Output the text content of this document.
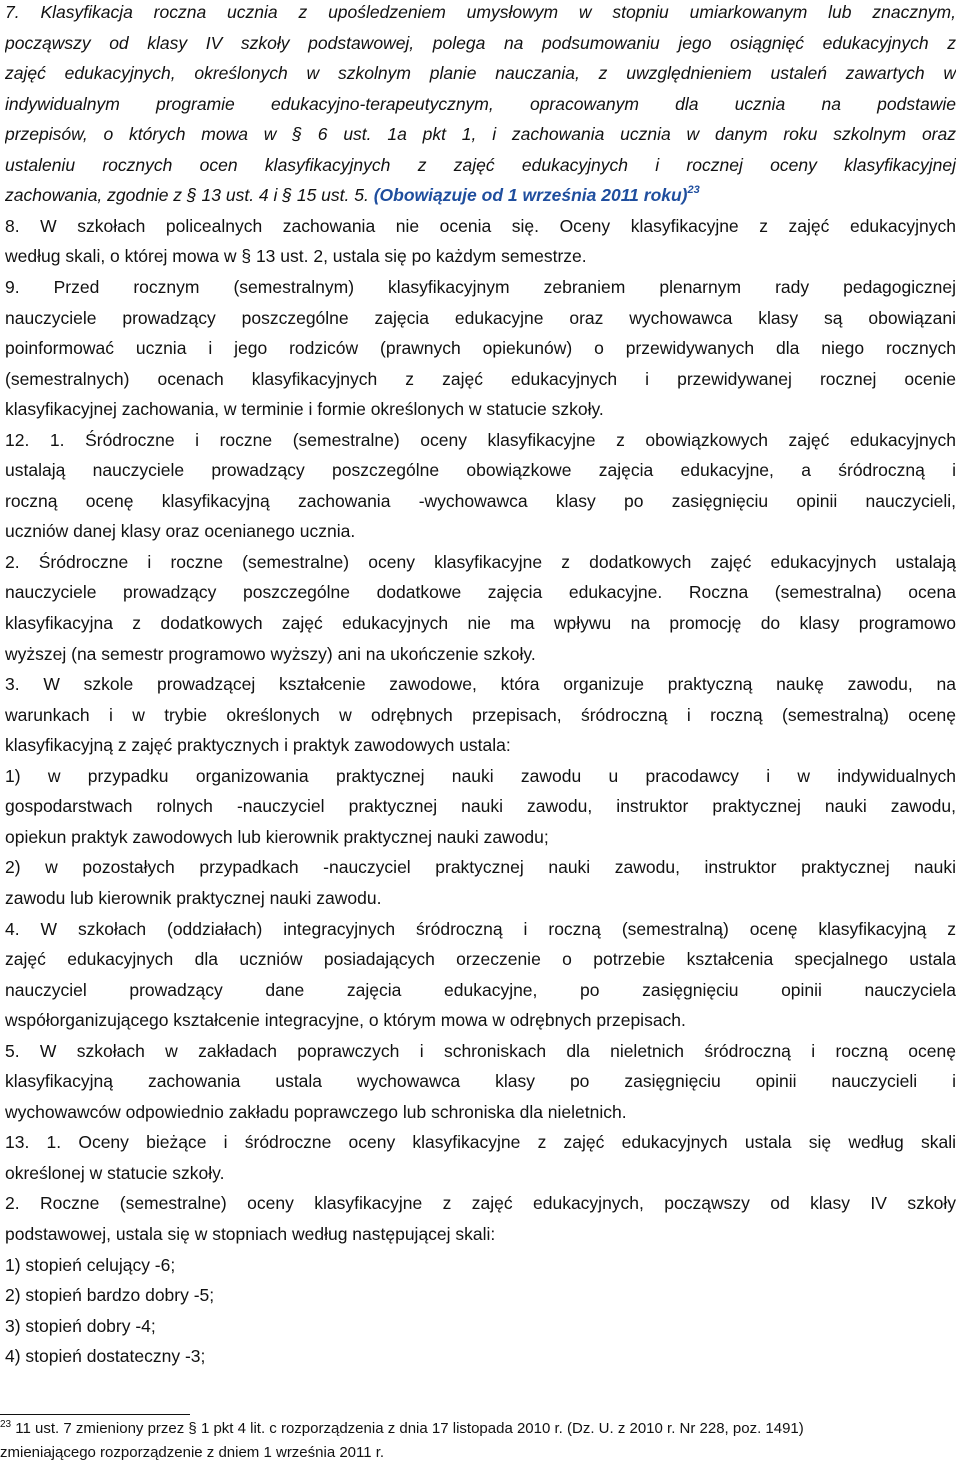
7. Klasyfikacja roczna ucznia z upośledzeniem umysłowym w stopniu umiarkowanym lub znacznym,

począwszy od klasy IV szkoły podstawowej, polega na podsumowaniu jego osiągnięć edukacyjnych z

zajęć edukacyjnych, określonych w szkolnym planie nauczania, z uwzględnieniem ustaleń zawartych w

indywidualnym programie edukacyjno-terapeutycznym, opracowanym dla ucznia na podstawie

przepisów, o których mowa w § 6 ust. 1a pkt 1, i zachowania ucznia w danym roku szkolnym oraz

ustaleniu rocznych ocen klasyfikacyjnych z zajęć edukacyjnych i rocznej oceny klasyfikacyjnej

zachowania, zgodnie z § 13 ust. 4 i § 15 ust. 5. (Obowiązuje od 1 września 2011 roku)$^{23}$

8. W szkołach policealnych zachowania nie ocenia się. Oceny klasyfikacyjne z zajęć edukacyjnych

według skali, o której mowa w § 13 ust. 2, ustala się po każdym semestrze.

9. Przed rocznym (semestralnym) klasyfikacyjnym zebraniem plenarnym rady pedagogicznej

nauczyciele prowadzący poszczególne zajęcia edukacyjne oraz wychowawca klasy są obowiązani

poinformować ucznia i jego rodziców (prawnych opiekunów) o przewidywanych dla niego rocznych

(semestralnych) ocenach klasyfikacyjnych z zajęć edukacyjnych i przewidywanej rocznej ocenie

klasyfikacyjnej zachowania, w terminie i formie określonych w statucie szkoły.

12. 1. Śródroczne i roczne (semestralne) oceny klasyfikacyjne z obowiązkowych zajęć edukacyjnych

ustalają nauczyciele prowadzący poszczególne obowiązkowe zajęcia edukacyjne, a śródroczną i

roczną ocenę klasyfikacyjną zachowania -wychowawca klasy po zasięgnięciu opinii nauczycieli,

uczniów danej klasy oraz ocenianego ucznia.

2. Śródroczne i roczne (semestralne) oceny klasyfikacyjne z dodatkowych zajęć edukacyjnych ustalają

nauczyciele prowadzący poszczególne dodatkowe zajęcia edukacyjne. Roczna (semestralna) ocena

klasyfikacyjna z dodatkowych zajęć edukacyjnych nie ma wpływu na promocję do klasy programowo

wyższej (na semestr programowo wyższy) ani na ukończenie szkoły.

3. W szkole prowadzącej kształcenie zawodowe, która organizuje praktyczną naukę zawodu, na

warunkach i w trybie określonych w odrębnych przepisach, śródroczną i roczną (semestralną) ocenę

klasyfikacyjną z zajęć praktycznych i praktyk zawodowych ustala:

1) w przypadku organizowania praktycznej nauki zawodu u pracodawcy i w indywidualnych

gospodarstwach rolnych -nauczyciel praktycznej nauki zawodu, instruktor praktycznej nauki zawodu,

opiekun praktyk zawodowych lub kierownik praktycznej nauki zawodu;

2) w pozostałych przypadkach -nauczyciel praktycznej nauki zawodu, instruktor praktycznej nauki

zawodu lub kierownik praktycznej nauki zawodu.

4. W szkołach (oddziałach) integracyjnych śródroczną i roczną (semestralną) ocenę klasyfikacyjną z

zajęć edukacyjnych dla uczniów posiadających orzeczenie o potrzebie kształcenia specjalnego ustala

nauczyciel prowadzący dane zajęcia edukacyjne, po zasięgnięciu opinii nauczyciela

współorganizującego kształcenie integracyjne, o którym mowa w odrębnych przepisach.

5. W szkołach w zakładach poprawczych i schroniskach dla nieletnich śródroczną i roczną ocenę

klasyfikacyjną zachowania ustala wychowawca klasy po zasięgnięciu opinii nauczycieli i

wychowawców odpowiednio zakładu poprawczego lub schroniska dla nieletnich.

13. 1. Oceny bieżące i śródroczne oceny klasyfikacyjne z zajęć edukacyjnych ustala się według skali

określonej w statucie szkoły.

2. Roczne (semestralne) oceny klasyfikacyjne z zajęć edukacyjnych, począwszy od klasy IV szkoły

podstawowej, ustala się w stopniach według następującej skali:

1) stopień celujący -6;

2) stopień bardzo dobry -5;

3) stopień dobry -4;

4) stopień dostateczny -3;

$^{23}$ 11 ust. 7 zmieniony przez § 1 pkt 4 lit. c rozporządzenia z dnia 17 listopada 2010 r. (Dz. U. z 2010 r. Nr 228, poz. 1491)

zmieniającego rozporządzenie z dniem 1 września 2011 r.
